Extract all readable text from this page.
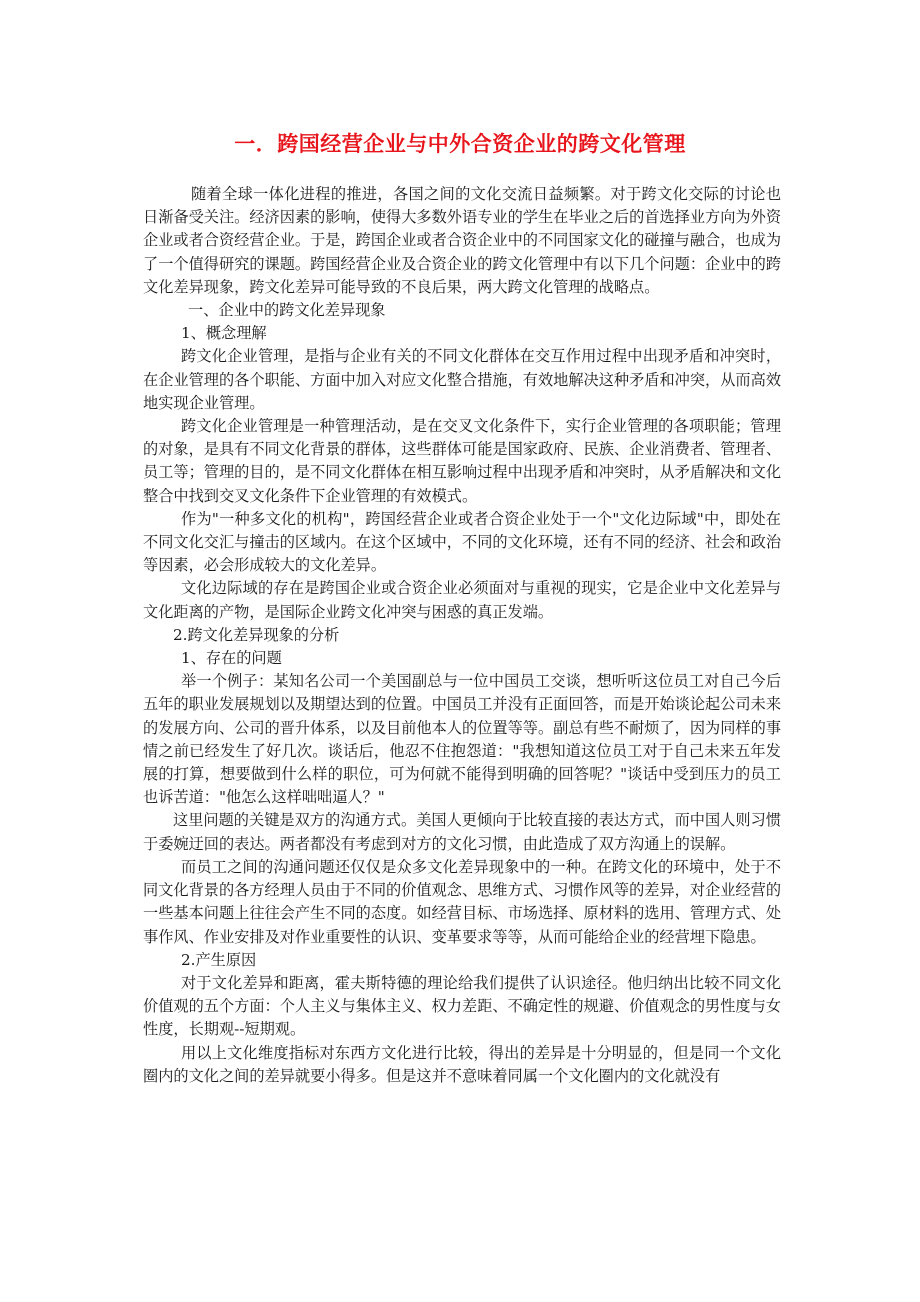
一．跨国经营企业与中外合资企业的跨文化管理

随着全球一体化进程的推进，各国之间的文化交流日益频繁。对于跨文化交际的讨论也日渐备受关注。经济因素的影响，使得大多数外语专业的学生在毕业之后的首选择业方向为外资企业或者合资经营企业。于是，跨国企业或者合资企业中的不同国家文化的碰撞与融合，也成为了一个值得研究的课题。跨国经营企业及合资企业的跨文化管理中有以下几个问题：企业中的跨文化差异现象，跨文化差异可能导致的不良后果，两大跨文化管理的战略点。

一、企业中的跨文化差异现象

1、概念理解

跨文化企业管理，是指与企业有关的不同文化群体在交互作用过程中出现矛盾和冲突时，在企业管理的各个职能、方面中加入对应文化整合措施，有效地解决这种矛盾和冲突，从而高效地实现企业管理。

跨文化企业管理是一种管理活动，是在交叉文化条件下，实行企业管理的各项职能；管理的对象，是具有不同文化背景的群体，这些群体可能是国家政府、民族、企业消费者、管理者、员工等；管理的目的，是不同文化群体在相互影响过程中出现矛盾和冲突时，从矛盾解决和文化整合中找到交叉文化条件下企业管理的有效模式。

作为"一种多文化的机构"，跨国经营企业或者合资企业处于一个"文化边际域"中，即处在不同文化交汇与撞击的区域内。在这个区域中，不同的文化环境，还有不同的经济、社会和政治等因素，必会形成较大的文化差异。

文化边际域的存在是跨国企业或合资企业必须面对与重视的现实，它是企业中文化差异与文化距离的产物，是国际企业跨文化冲突与困惑的真正发端。

2.跨文化差异现象的分析

1、存在的问题

举一个例子：某知名公司一个美国副总与一位中国员工交谈，想听听这位员工对自己今后五年的职业发展规划以及期望达到的位置。中国员工并没有正面回答，而是开始谈论起公司未来的发展方向、公司的晋升体系，以及目前他本人的位置等等。副总有些不耐烦了，因为同样的事情之前已经发生了好几次。谈话后，他忍不住抱怨道："我想知道这位员工对于自己未来五年发展的打算，想要做到什么样的职位，可为何就不能得到明确的回答呢？"谈话中受到压力的员工也诉苦道："他怎么这样咄咄逼人？"

这里问题的关键是双方的沟通方式。美国人更倾向于比较直接的表达方式，而中国人则习惯于委婉迂回的表达。两者都没有考虑到对方的文化习惯，由此造成了双方沟通上的误解。

而员工之间的沟通问题还仅仅是众多文化差异现象中的一种。在跨文化的环境中，处于不同文化背景的各方经理人员由于不同的价值观念、思维方式、习惯作风等的差异，对企业经营的一些基本问题上往往会产生不同的态度。如经营目标、市场选择、原材料的选用、管理方式、处事作风、作业安排及对作业重要性的认识、变革要求等等，从而可能给企业的经营埋下隐患。

2.产生原因

对于文化差异和距离，霍夫斯特德的理论给我们提供了认识途径。他归纳出比较不同文化价值观的五个方面：个人主义与集体主义、权力差距、不确定性的规避、价值观念的男性度与女性度，长期观--短期观。

用以上文化维度指标对东西方文化进行比较，得出的差异是十分明显的，但是同一个文化圈内的文化之间的差异就要小得多。但是这并不意味着同属一个文化圈内的文化就没有
